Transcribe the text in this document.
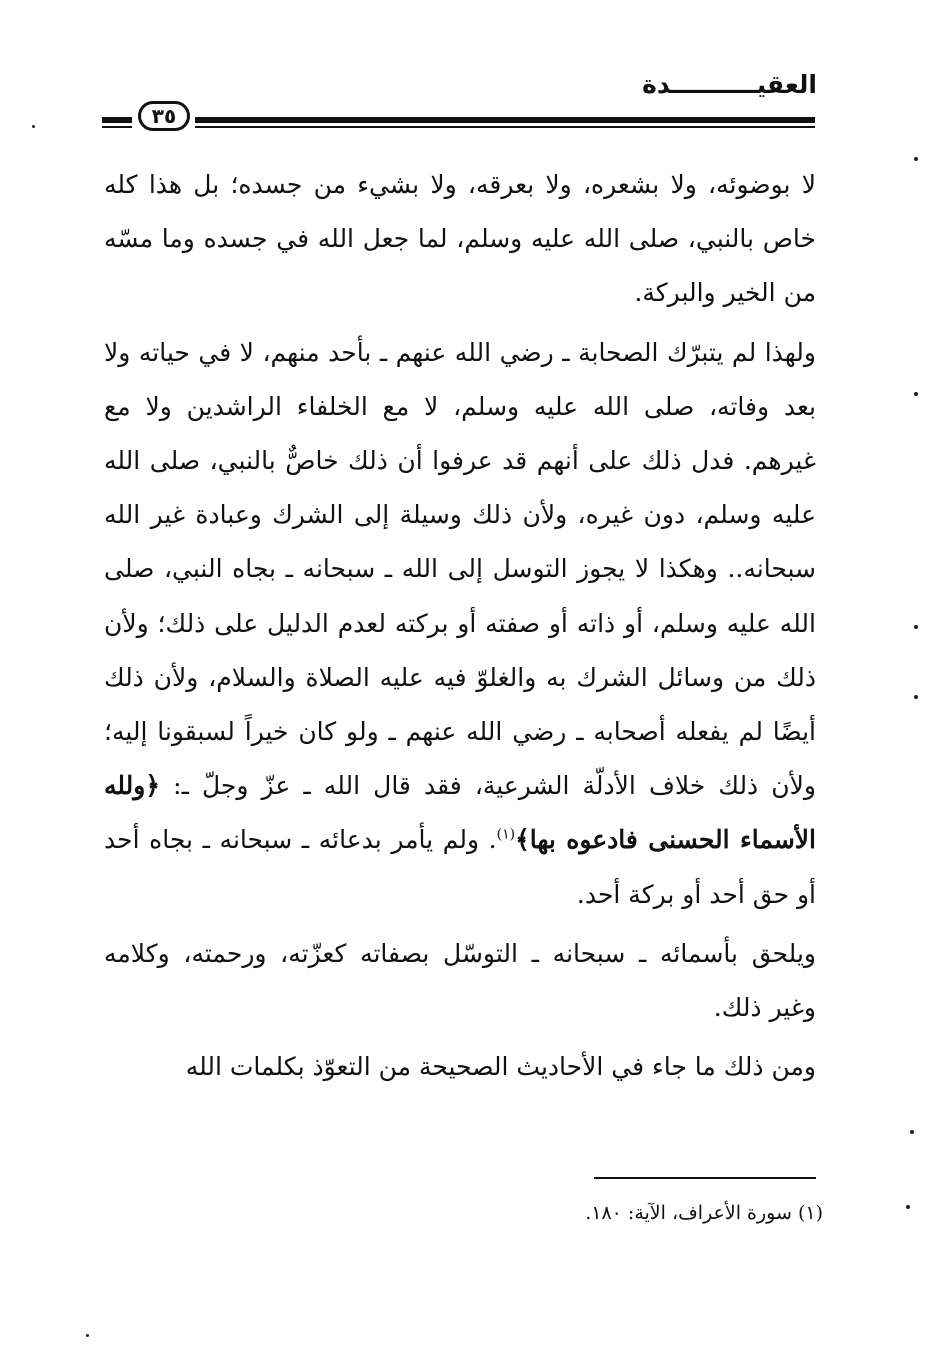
العقيــــــــــدة
٣٥

لا بوضوئه، ولا بشعره، ولا بعرقه، ولا بشيء من جسده؛ بل هذا كله خاص بالنبي، صلى الله عليه وسلم، لما جعل الله في جسده وما مسّه من الخير والبركة.

ولهذا لم يتبرّك الصحابة ـ رضي الله عنهم ـ بأحد منهم، لا في حياته ولا بعد وفاته، صلى الله عليه وسلم، لا مع الخلفاء الراشدين ولا مع غيرهم. فدل ذلك على أنهم قد عرفوا أن ذلك خاصٌّ بالنبي، صلى الله عليه وسلم، دون غيره، ولأن ذلك وسيلة إلى الشرك وعبادة غير الله سبحانه.. وهكذا لا يجوز التوسل إلى الله ـ سبحانه ـ بجاه النبي، صلى الله عليه وسلم، أو ذاته أو صفته أو بركته لعدم الدليل على ذلك؛ ولأن ذلك من وسائل الشرك به والغلوّ فيه عليه الصلاة والسلام، ولأن ذلك أيضًا لم يفعله أصحابه ـ رضي الله عنهم ـ ولو كان خيراً لسبقونا إليه؛ ولأن ذلك خلاف الأدلّة الشرعية، فقد قال الله ـ عزّ وجلّ ـ: ﴿ولله الأسماء الحسنى فادعوه بها﴾$^{(١)}$. ولم يأمر بدعائه ـ سبحانه ـ بجاه أحد أو حق أحد أو بركة أحد.

ويلحق بأسمائه ـ سبحانه ـ التوسّل بصفاته كعزّته، ورحمته، وكلامه وغير ذلك.

ومن ذلك ما جاء في الأحاديث الصحيحة من التعوّذ بكلمات الله

(١) سورة الأعراف، الآية: ١٨٠.
